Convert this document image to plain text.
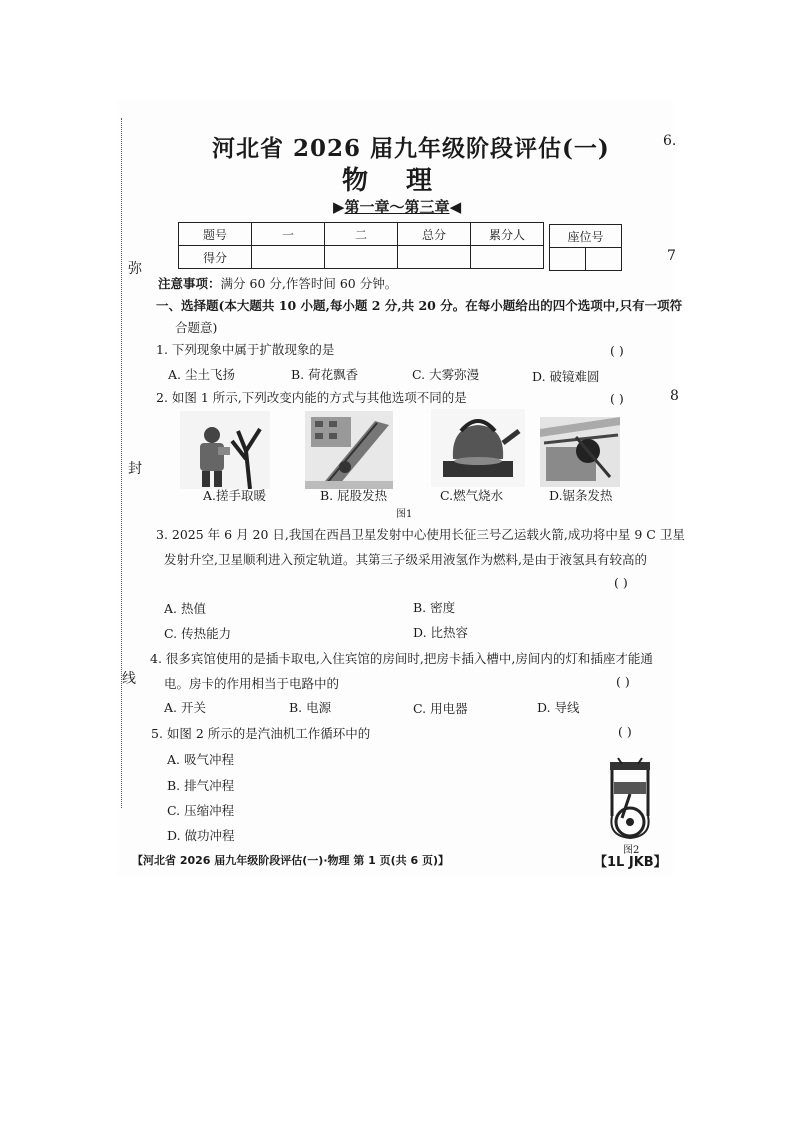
6.
7
8
弥
封
线
河北省 2026 届九年级阶段评估(一)
物理
▶第一章～第三章◀
题号	一	二	总分	累分人
得分				
座位号

注意事项：满分 60 分,作答时间 60 分钟。
一、选择题(本大题共 10 小题,每小题 2 分,共 20 分。在每小题给出的四个选项中,只有一项符
合题意)
1. 下列现象中属于扩散现象的是	( )
A. 尘土飞扬	B. 荷花飘香	C. 大雾弥漫	D. 破镜难圆
2. 如图 1 所示,下列改变内能的方式与其他选项不同的是	( )
A.搓手取暖	B. 屁股发热	C.燃气烧水	D.锯条发热
图1
3. 2025 年 6 月 20 日,我国在西昌卫星发射中心使用长征三号乙运载火箭,成功将中星 9 C 卫星
发射升空,卫星顺利进入预定轨道。其第三子级采用液氢作为燃料,是由于液氢具有较高的
( )
A. 热值	B. 密度
C. 传热能力	D. 比热容
4. 很多宾馆使用的是插卡取电,入住宾馆的房间时,把房卡插入槽中,房间内的灯和插座才能通
电。房卡的作用相当于电路中的	( )
A. 开关	B. 电源	C. 用电器	D. 导线
5. 如图 2 所示的是汽油机工作循环中的	( )
A. 吸气冲程
B. 排气冲程
C. 压缩冲程
D. 做功冲程
图2
【河北省 2026 届九年级阶段评估(一)·物理 第 1 页(共 6 页)】	【1L JKB】
